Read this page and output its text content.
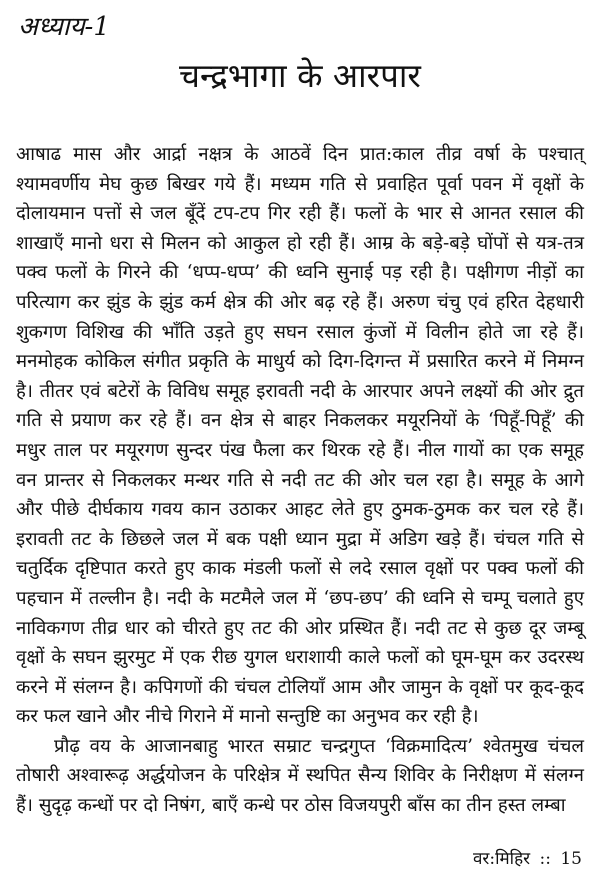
अध्याय-1
चन्द्रभागा के आरपार

आषाढ मास और आर्द्रा नक्षत्र के आठवें दिन प्रात:काल तीव्र वर्षा के पश्चात् श्यामवर्णीय मेघ कुछ बिखर गये हैं। मध्यम गति से प्रवाहित पूर्वा पवन में वृक्षों के दोलायमान पत्तों से जल बूँदें टप-टप गिर रही हैं। फलों के भार से आनत रसाल की शाखाएँ मानो धरा से मिलन को आकुल हो रही हैं। आम्र के बड़े-बड़े घोंपों से यत्र-तत्र पक्व फलों के गिरने की ‘धप्प-धप्प’ की ध्वनि सुनाई पड़ रही है। पक्षीगण नीड़ों का परित्याग कर झुंड के झुंड कर्म क्षेत्र की ओर बढ़ रहे हैं। अरुण चंचु एवं हरित देहधारी शुकगण विशिख की भाँति उड़ते हुए सघन रसाल कुंजों में विलीन होते जा रहे हैं। मनमोहक कोकिल संगीत प्रकृति के माधुर्य को दिग-दिगन्त में प्रसारित करने में निमग्न है। तीतर एवं बटेरों के विविध समूह इरावती नदी के आरपार अपने लक्ष्यों की ओर द्रुत गति से प्रयाण कर रहे हैं। वन क्षेत्र से बाहर निकलकर मयूरनियों के ‘पिहूँ-पिहूँ’ की मधुर ताल पर मयूरगण सुन्दर पंख फैला कर थिरक रहे हैं। नील गायों का एक समूह वन प्रान्तर से निकलकर मन्थर गति से नदी तट की ओर चल रहा है। समूह के आगे और पीछे दीर्घकाय गवय कान उठाकर आहट लेते हुए ठुमक-ठुमक कर चल रहे हैं। इरावती तट के छिछले जल में बक पक्षी ध्यान मुद्रा में अडिग खड़े हैं। चंचल गति से चतुर्दिक दृष्टिपात करते हुए काक मंडली फलों से लदे रसाल वृक्षों पर पक्व फलों की पहचान में तल्लीन है। नदी के मटमैले जल में ‘छप-छप’ की ध्वनि से चम्पू चलाते हुए नाविकगण तीव्र धार को चीरते हुए तट की ओर प्रस्थित हैं। नदी तट से कुछ दूर जम्बू वृक्षों के सघन झुरमुट में एक रीछ युगल धराशायी काले फलों को घूम-घूम कर उदरस्थ करने में संलग्न है। कपिगणों की चंचल टोलियाँ आम और जामुन के वृक्षों पर कूद-कूद कर फल खाने और नीचे गिराने में मानो सन्तुष्टि का अनुभव कर रही है।

प्रौढ़ वय के आजानबाहु भारत सम्राट चन्द्रगुप्त ‘विक्रमादित्य’ श्वेतमुख चंचल तोषारी अश्वारूढ़ अर्द्धयोजन के परिक्षेत्र में स्थपित सैन्य शिविर के निरीक्षण में संलग्न हैं। सुदृढ़ कन्धों पर दो निषंग, बाएँ कन्धे पर ठोस विजयपुरी बाँस का तीन हस्त लम्बा

वर:मिहिर :: 15
